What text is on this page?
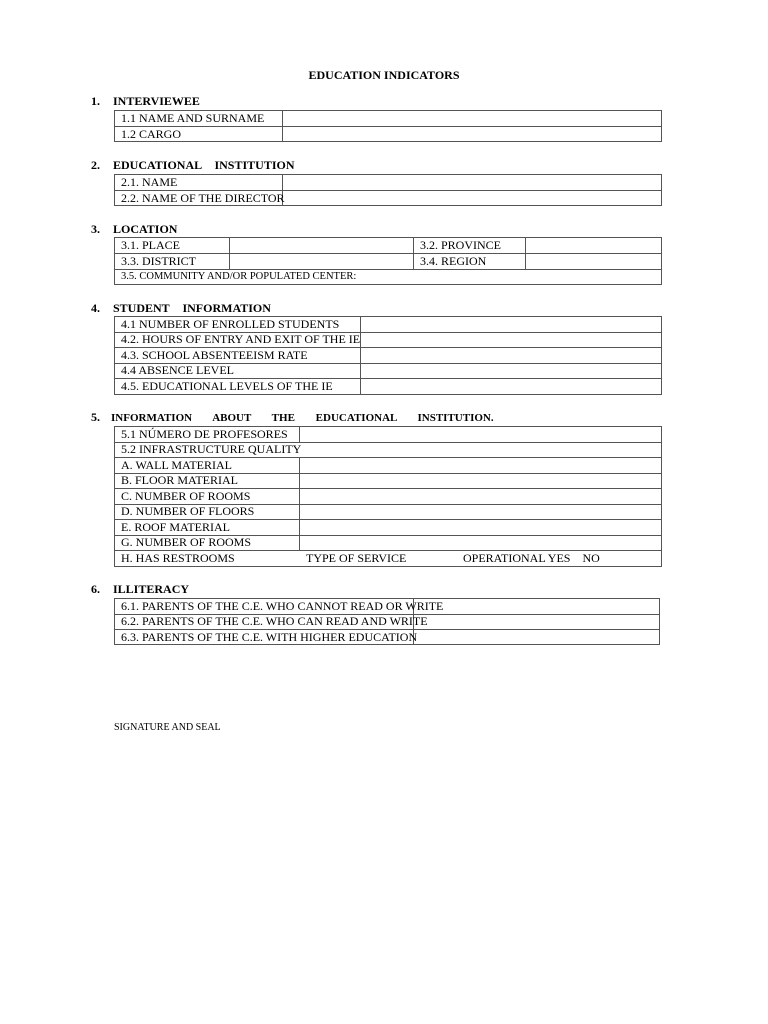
EDUCATION INDICATORS
1. INTERVIEWEE
1.1 NAME AND SURNAME
1.2 CARGO
2. EDUCATIONAL INSTITUTION
2.1. NAME
2.2. NAME OF THE DIRECTOR
3. LOCATION
3.1. PLACE	3.2. PROVINCE
3.3. DISTRICT	3.4. REGION
3.5. COMMUNITY AND/OR POPULATED CENTER:
4. STUDENT INFORMATION
4.1 NUMBER OF ENROLLED STUDENTS
4.2. HOURS OF ENTRY AND EXIT OF THE IE
4.3. SCHOOL ABSENTEEISM RATE
4.4 ABSENCE LEVEL
4.5. EDUCATIONAL LEVELS OF THE IE
5. INFORMATION ABOUT THE EDUCATIONAL INSTITUTION.
5.1 NÚMERO DE PROFESORES
5.2 INFRASTRUCTURE QUALITY
A. WALL MATERIAL
B. FLOOR MATERIAL
C. NUMBER OF ROOMS
D. NUMBER OF FLOORS
E. ROOF MATERIAL
G. NUMBER OF ROOMS
H. HAS RESTROOMS	TYPE OF SERVICE	OPERATIONAL YES    NO
6. ILLITERACY
6.1. PARENTS OF THE C.E. WHO CANNOT READ OR WRITE
6.2. PARENTS OF THE C.E. WHO CAN READ AND WRITE
6.3. PARENTS OF THE C.E. WITH HIGHER EDUCATION
SIGNATURE AND SEAL
